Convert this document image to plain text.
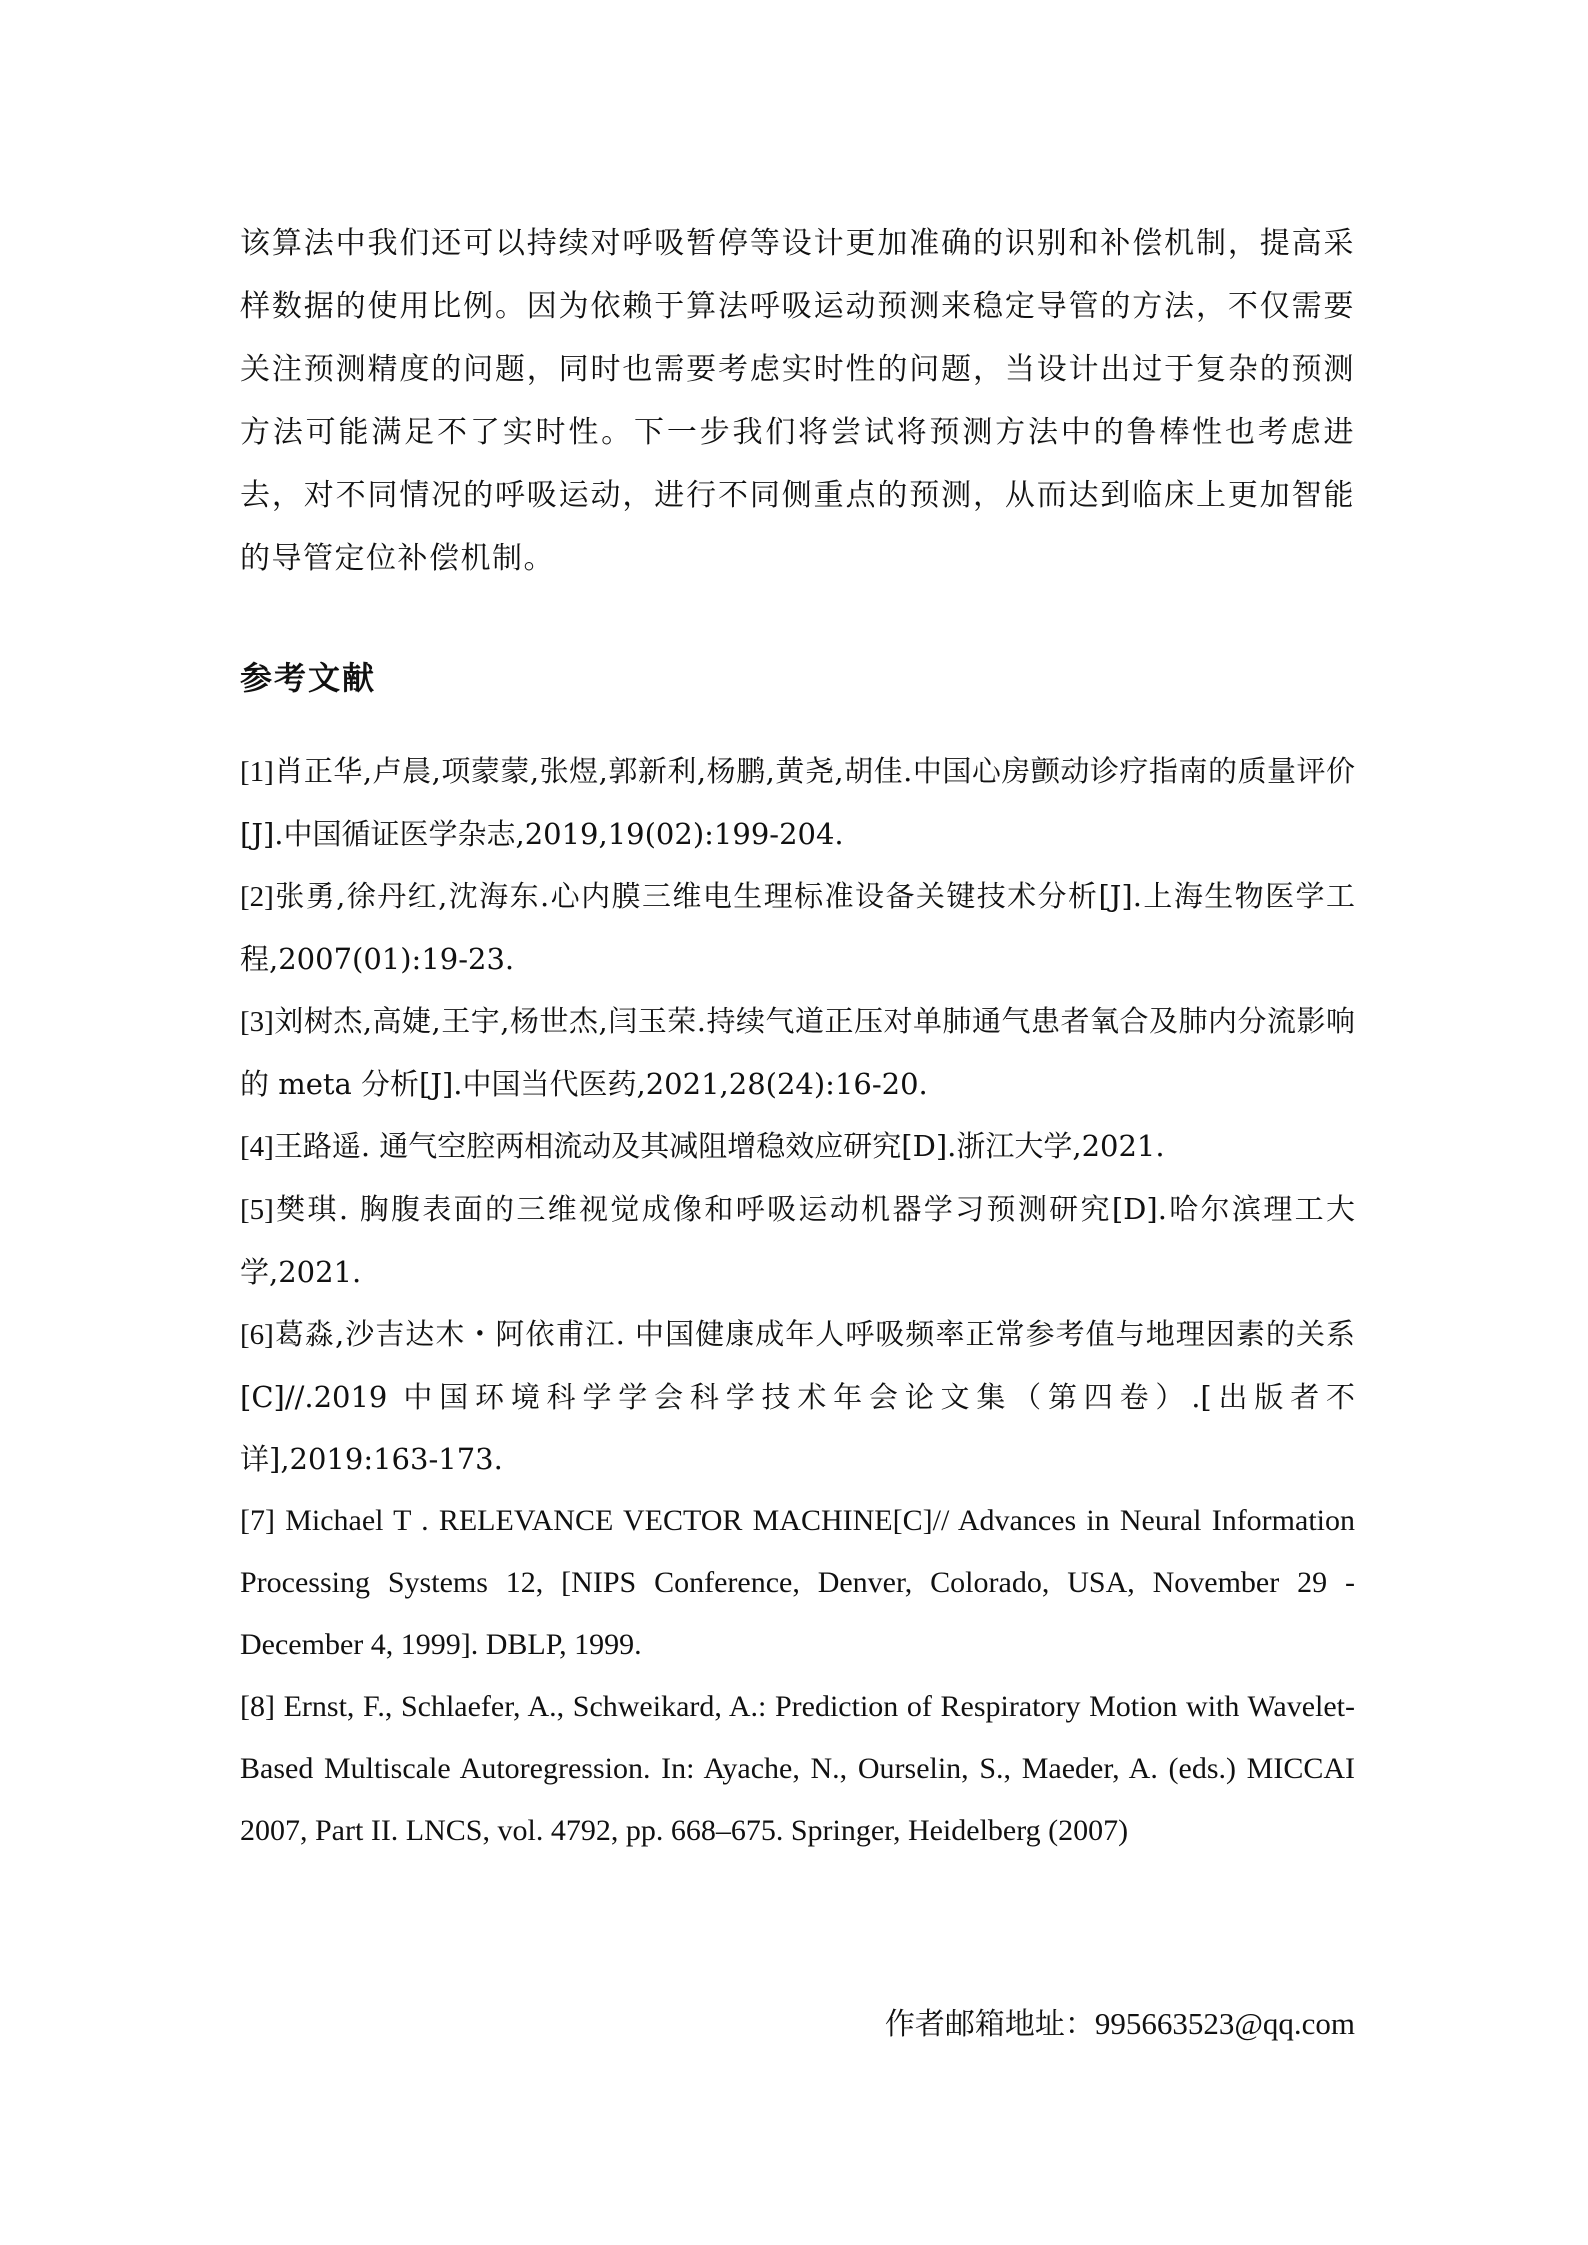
该算法中我们还可以持续对呼吸暂停等设计更加准确的识别和补偿机制，提高采样数据的使用比例。因为依赖于算法呼吸运动预测来稳定导管的方法，不仅需要关注预测精度的问题，同时也需要考虑实时性的问题，当设计出过于复杂的预测方法可能满足不了实时性。下一步我们将尝试将预测方法中的鲁棒性也考虑进去，对不同情况的呼吸运动，进行不同侧重点的预测，从而达到临床上更加智能的导管定位补偿机制。

参考文献
[1]肖正华,卢晨,项蒙蒙,张煜,郭新利,杨鹏,黄尧,胡佳.中国心房颤动诊疗指南的质量评价[J].中国循证医学杂志,2019,19(02):199-204.
[2]张勇,徐丹红,沈海东.心内膜三维电生理标准设备关键技术分析[J].上海生物医学工程,2007(01):19-23.
[3]刘树杰,高婕,王宇,杨世杰,闫玉荣.持续气道正压对单肺通气患者氧合及肺内分流影响的 meta 分析[J].中国当代医药,2021,28(24):16-20.
[4]王路遥. 通气空腔两相流动及其减阻增稳效应研究[D].浙江大学,2021.
[5]樊琪. 胸腹表面的三维视觉成像和呼吸运动机器学习预测研究[D].哈尔滨理工大学,2021.
[6]葛淼,沙吉达木・阿依甫江. 中国健康成年人呼吸频率正常参考值与地理因素的关系[C]//.2019 中国环境科学学会科学技术年会论文集（第四卷）.[出版者不详],2019:163-173.
[7] Michael T . RELEVANCE VECTOR MACHINE[C]// Advances in Neural Information Processing Systems 12, [NIPS Conference, Denver, Colorado, USA, November 29 - December 4, 1999]. DBLP, 1999.
[8] Ernst, F., Schlaefer, A., Schweikard, A.: Prediction of Respiratory Motion with Wavelet-Based Multiscale Autoregression. In: Ayache, N., Ourselin, S., Maeder, A. (eds.) MICCAI 2007, Part II. LNCS, vol. 4792, pp. 668–675. Springer, Heidelberg (2007)
作者邮箱地址：995663523@qq.com
